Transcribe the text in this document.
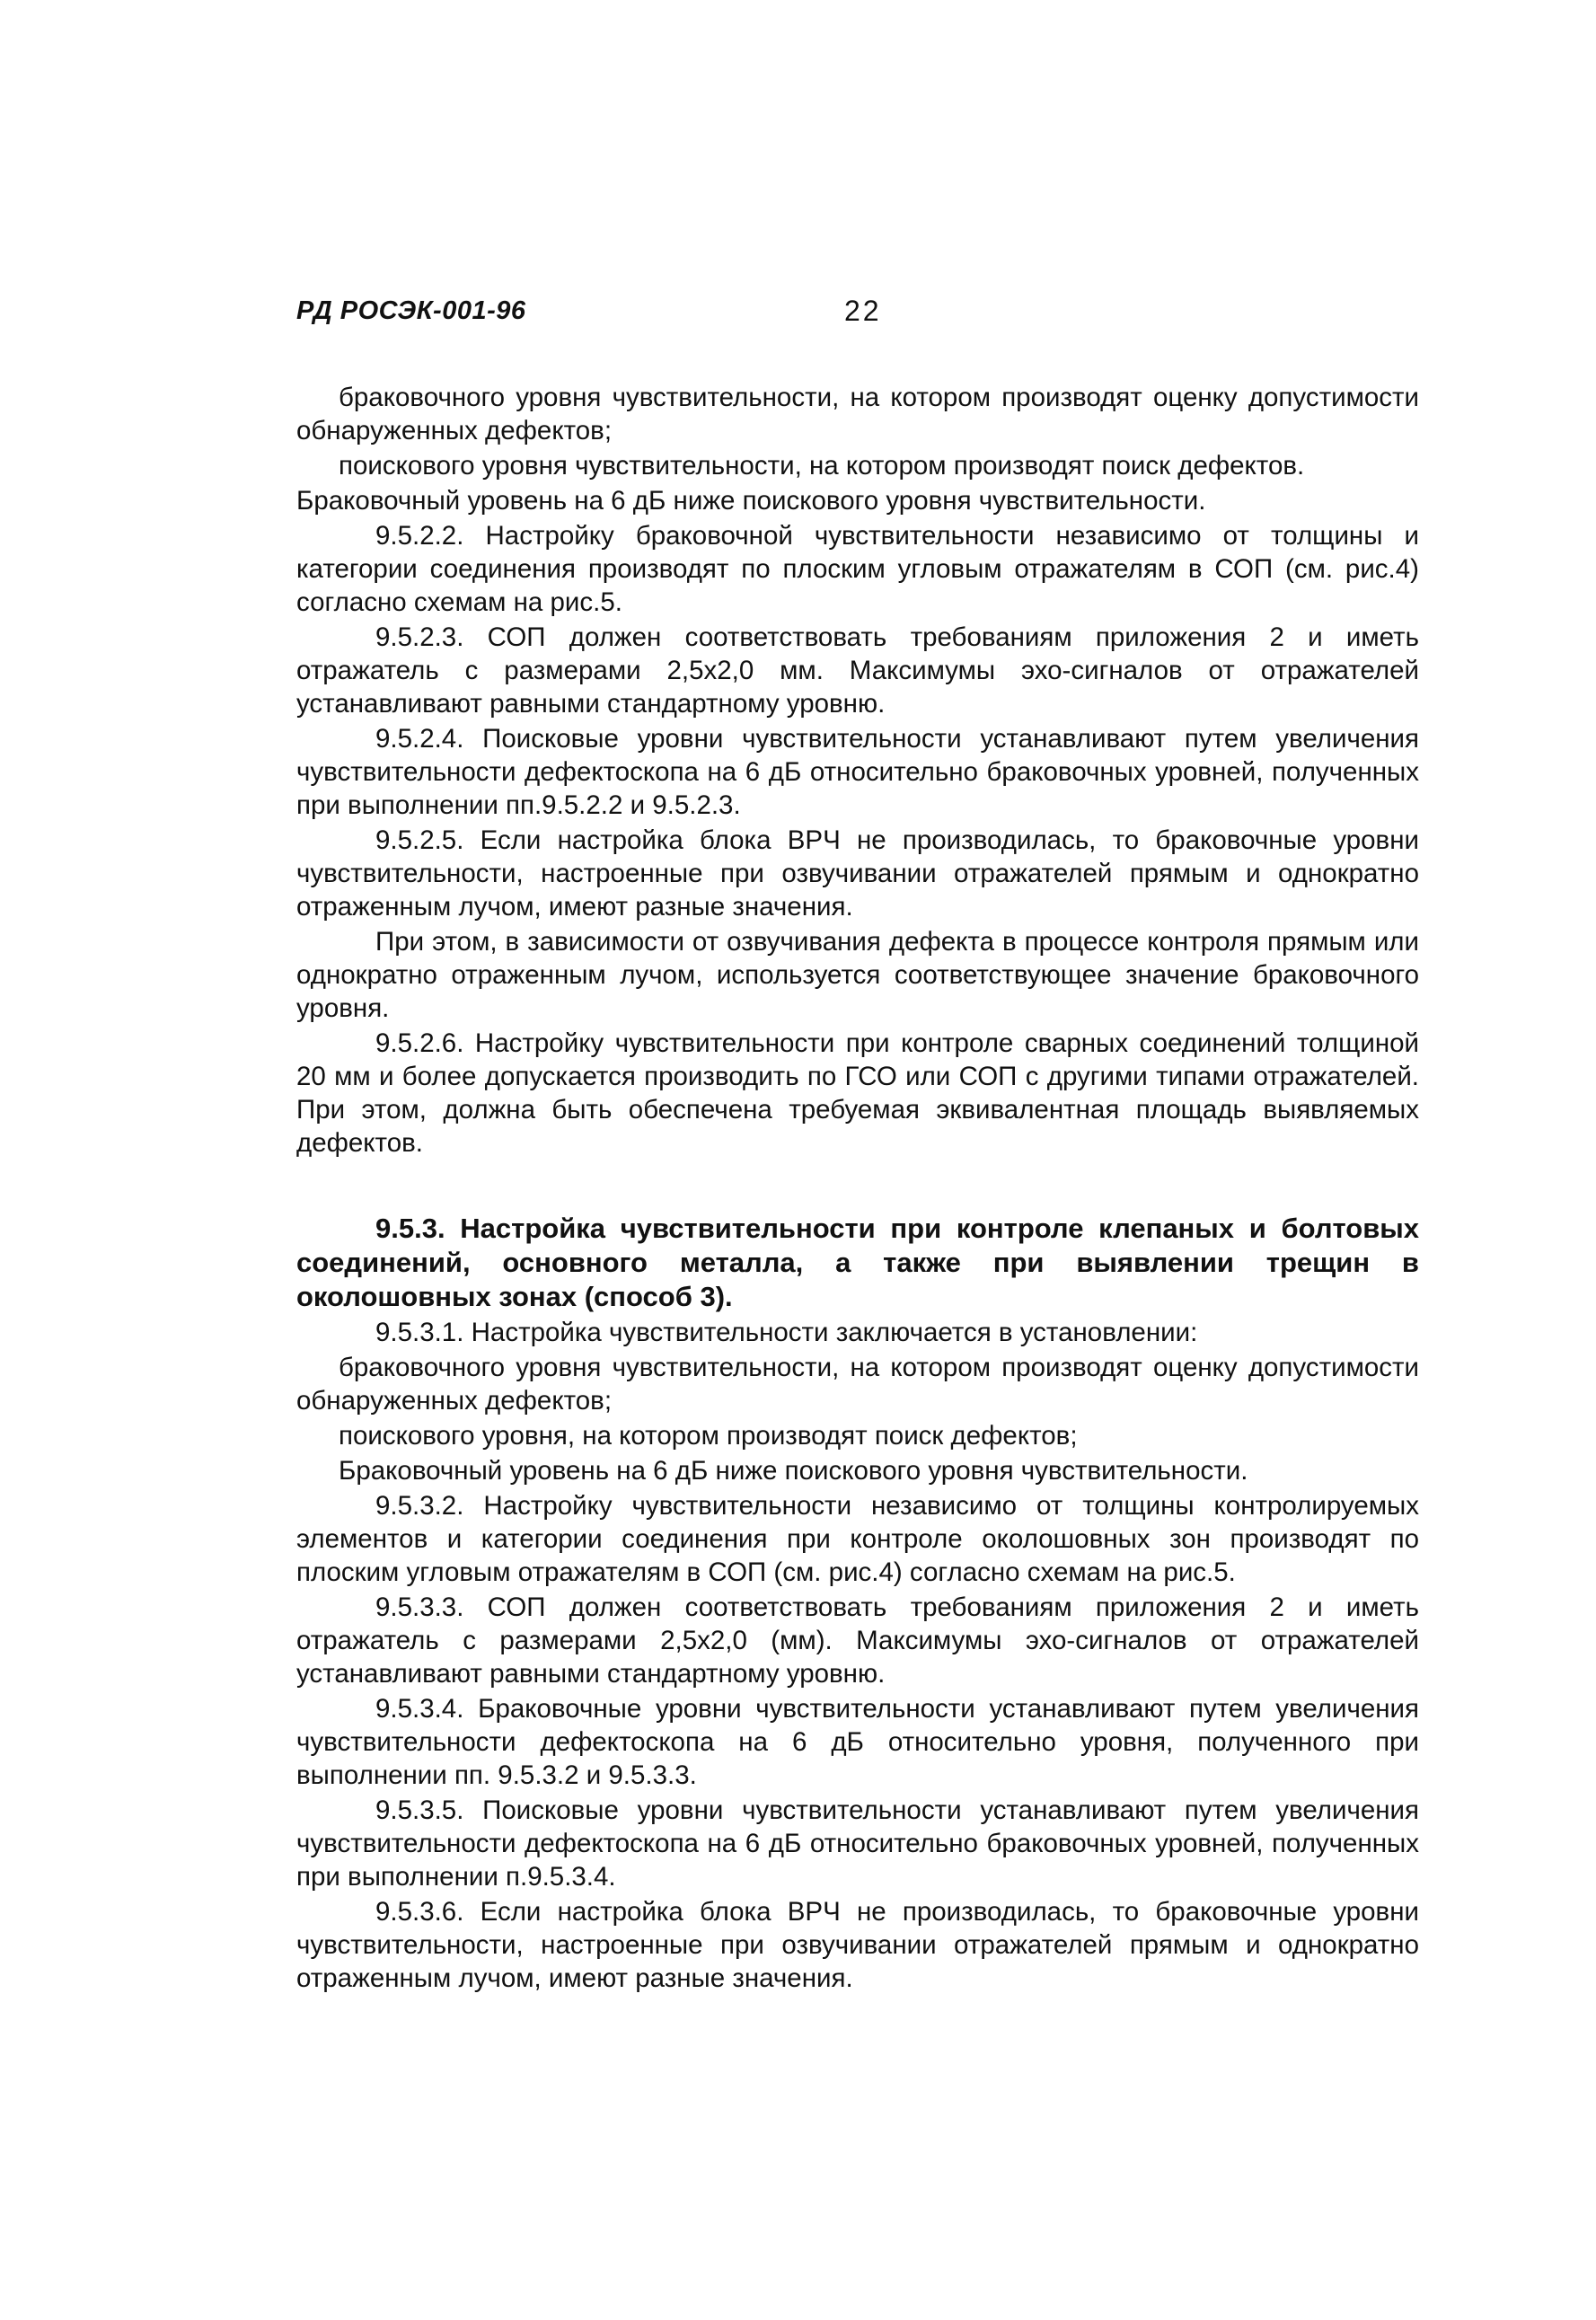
РД РОСЭК-001-96	22

браковочного уровня чувствительности, на котором производят оценку допустимости обнаруженных дефектов;

поискового уровня чувствительности, на котором производят поиск дефектов.

Браковочный уровень на 6 дБ ниже поискового уровня чувствительности.

9.5.2.2. Настройку браковочной чувствительности независимо от толщины и категории соединения производят по плоским угловым отражателям в СОП (см. рис.4) согласно схемам на рис.5.

9.5.2.3. СОП должен соответствовать требованиям приложения 2 и иметь отражатель с размерами 2,5х2,0 мм. Максимумы эхо-сигналов от отражателей устанавливают равными стандартному уровню.

9.5.2.4. Поисковые уровни чувствительности устанавливают путем увеличения чувствительности дефектоскопа на 6 дБ относительно браковочных уровней, полученных при выполнении пп.9.5.2.2 и 9.5.2.3.

9.5.2.5. Если настройка блока ВРЧ не производилась, то браковочные уровни чувствительности, настроенные при озвучивании отражателей прямым и однократно отраженным лучом, имеют разные значения.

При этом, в зависимости от озвучивания дефекта в процессе контроля прямым или однократно отраженным лучом, используется соответствующее значение браковочного уровня.

9.5.2.6. Настройку чувствительности при контроле сварных соединений толщиной 20 мм и более допускается производить по ГСО или СОП с другими типами отражателей. При этом, должна быть обеспечена требуемая эквивалентная площадь выявляемых дефектов.

9.5.3. Настройка чувствительности при контроле клепаных и болтовых соединений, основного металла, а также при выявлении трещин в околошовных зонах (способ 3).

9.5.3.1. Настройка чувствительности заключается в установлении:

браковочного уровня чувствительности, на котором производят оценку допустимости обнаруженных дефектов;

поискового уровня, на котором производят поиск дефектов;

Браковочный уровень на 6 дБ ниже поискового уровня чувствительности.

9.5.3.2. Настройку чувствительности независимо от толщины контролируемых элементов и категории соединения при контроле околошовных зон производят по плоским угловым отражателям в СОП (см. рис.4) согласно схемам на рис.5.

9.5.3.3. СОП должен соответствовать требованиям приложения 2 и иметь отражатель с размерами 2,5х2,0 (мм). Максимумы эхо-сигналов от отражателей устанавливают равными стандартному уровню.

9.5.3.4. Браковочные уровни чувствительности устанавливают путем увеличения чувствительности дефектоскопа на 6 дБ относительно уровня, полученного при выполнении пп. 9.5.3.2 и 9.5.3.3.

9.5.3.5. Поисковые уровни чувствительности устанавливают путем увеличения чувствительности дефектоскопа на 6 дБ относительно браковочных уровней, полученных при выполнении п.9.5.3.4.

9.5.3.6. Если настройка блока ВРЧ не производилась, то браковочные уровни чувствительности, настроенные при озвучивании отражателей прямым и однократно отраженным лучом, имеют разные значения.
